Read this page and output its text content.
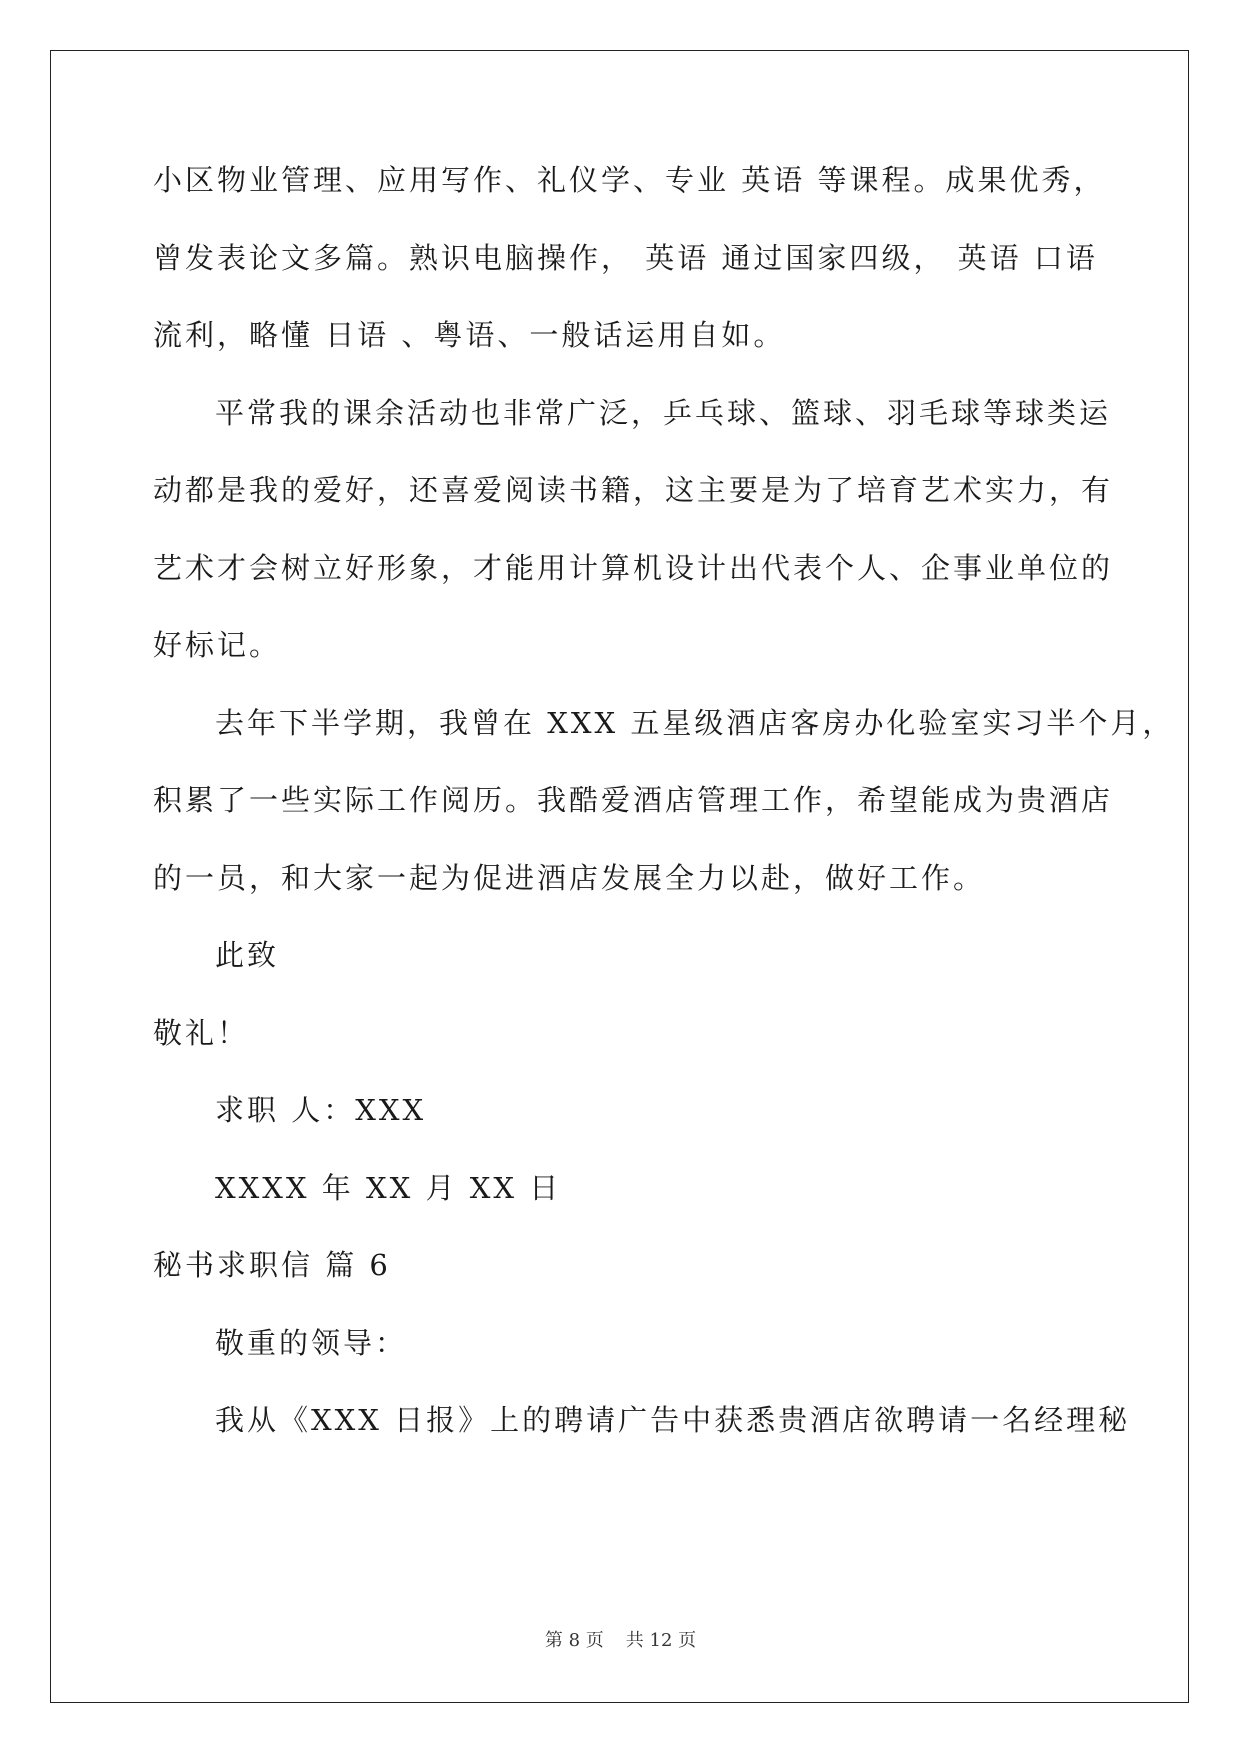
小区物业管理、应用写作、礼仪学、专业 英语 等课程。成果优秀，

曾发表论文多篇。熟识电脑操作， 英语 通过国家四级， 英语 口语

流利，略懂 日语 、粤语、一般话运用自如。

平常我的课余活动也非常广泛，乒乓球、篮球、羽毛球等球类运

动都是我的爱好，还喜爱阅读书籍，这主要是为了培育艺术实力，有

艺术才会树立好形象，才能用计算机设计出代表个人、企事业单位的

好标记。

去年下半学期，我曾在 XXX 五星级酒店客房办化验室实习半个月，

积累了一些实际工作阅历。我酷爱酒店管理工作，希望能成为贵酒店

的一员，和大家一起为促进酒店发展全力以赴，做好工作。

此致

敬礼！

求职 人：XXX

XXXX 年 XX 月 XX 日

秘书求职信 篇 6

敬重的领导：

我从《XXX 日报》上的聘请广告中获悉贵酒店欲聘请一名经理秘

第 8 页 共 12 页
